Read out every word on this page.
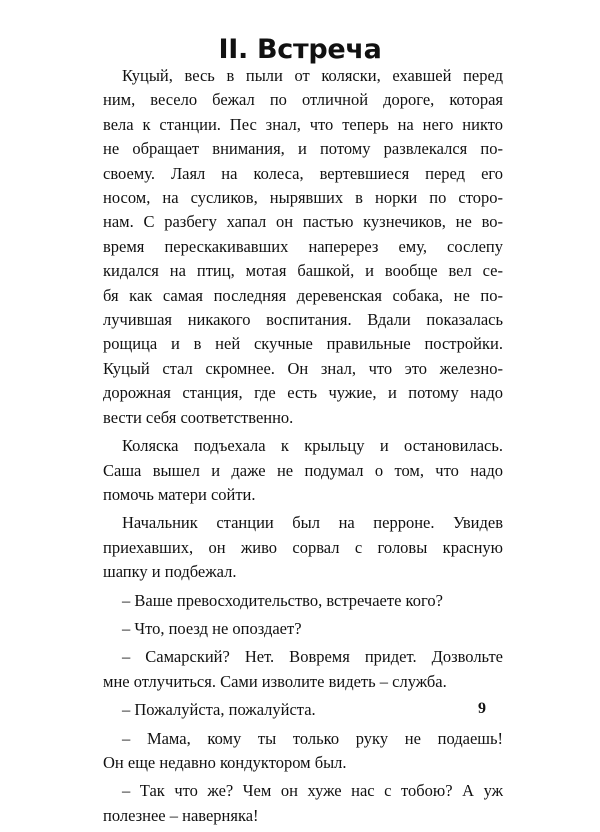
II. Встреча
Куцый, весь в пыли от коляски, ехавшей перед
ним, весело бежал по отличной дороге, которая
вела к станции. Пес знал, что теперь на него никто
не обращает внимания, и потому развлекался по-
своему. Лаял на колеса, вертевшиеся перед его
носом, на сусликов, нырявших в норки по сторо-
нам. С разбегу хапал он пастью кузнечиков, не во-
время перескакивавших наперерез ему, сослепу
кидался на птиц, мотая башкой, и вообще вел се-
бя как самая последняя деревенская собака, не по-
лучившая никакого воспитания. Вдали показалась
рощица и в ней скучные правильные постройки.
Куцый стал скромнее. Он знал, что это железно-
дорожная станция, где есть чужие, и потому надо
вести себя соответственно.
Коляска подъехала к крыльцу и остановилась.
Саша вышел и даже не подумал о том, что надо
помочь матери сойти.
Начальник станции был на перроне. Увидев
приехавших, он живо сорвал с головы красную
шапку и подбежал.
– Ваше превосходительство, встречаете кого?
– Что, поезд не опоздает?
– Самарский? Нет. Вовремя придет. Дозвольте
мне отлучиться. Сами изволите видеть – служба.
– Пожалуйста, пожалуйста.
– Мама, кому ты только руку не подаешь!
Он еще недавно кондуктором был.
– Так что же? Чем он хуже нас с тобою? А уж
полезнее – наверняка!
9
